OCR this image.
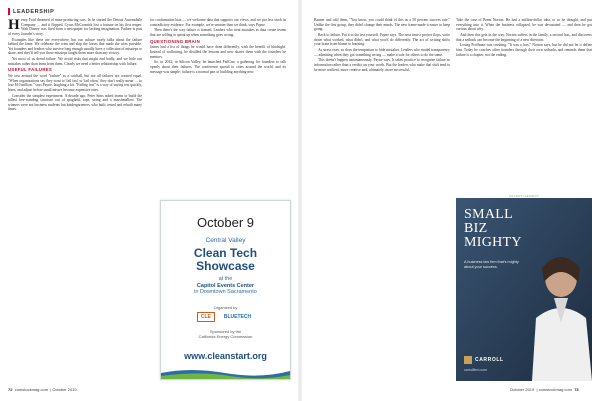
LEADERSHIP

H enry Ford dreamed of mass-producing cars. In he started the Detroit Automobile Company … and it flopped. Cyrus McCormick lost a fortune on his first reaper. Walt Disney was fired from a newspaper for lacking imagination. Failure is part of every founder's story.

Examples like these are everywhere, but our culture rarely talks about the failure behind the fame. We celebrate the wins and skip the losses that made the wins possible. Yet founders and leaders who survive long enough usually have a collection of missteps to share, and they'll tell you those missteps taught them more than any victory.

Yet most of us dread failure. We avoid risks that might end badly, and we hide our mistakes rather than learn from them. Clearly we need a better relationship with failure.

USEFUL FAILURES

We toss around the word "failure" as a catchall, but not all failures are created equal. "When organizations say they want to 'fail fast' or 'fail often,' they don't really mean … to lose $10 million," says Payne, laughing a bit. "Failing fast" is a way of saying test quickly, learn, and adjust before small misses become expensive ones.

Consider the simplest experiment. A decade ago, Peter Sims asked teams to build the tallest free-standing structure out of spaghetti, tape, string and a marshmallow. The winners were not business students but kindergarteners, who built, tested and rebuilt many times.

for confirmation bias — we welcome data that supports our views, and we put less stock in contradictory evidence. For example, we're smarter than we think, says Payne.

Then there's the way failure is framed. Leaders who treat mistakes as data create teams that are willing to speak up when something goes wrong.

QUESTIONING BRAIN

James had a list of things he would have done differently, with the benefit of hindsight. Instead of wallowing, he distilled the lessons and now shares them with the founders he mentors.

So, in 2012, in Silicon Valley, he launched FailCon, a gathering for founders to talk openly about their failures. The conference spread to cities around the world, and its message was simple: failure is a normal part of building anything new.

Banner and told them, "You know, you could think of this as a 50 percent success rate." Unlike the first group, they didn't change their minds. The new frame made it easier to keep going.

Back to failure. Put it to the test yourself, Payne says. The next time a project flops, write down what worked, what didn't, and what you'd do differently. The act of writing shifts your brain from blame to learning.

As stress rises, so does the temptation to hide mistakes. Leaders who model transparency — admitting when they got something wrong — make it safe for others to do the same.

This doesn't happen instantaneously, Payne says. It takes practice to recognize failure as information rather than a verdict on your worth. But the leaders who make that shift tend to be more resilient, more creative and, ultimately, more successful.

Take the case of Brent Norton. He had a million-dollar idea, or so he thought, and put everything into it. When the business collapsed, he was devastated — and then he got curious about why.

And then this gets in the way. Norton suffers in the family, a second loss, and discovers that a setback can become the beginning of a new direction.

Losing Proffman was crushing. "It was a loss," Norton says, but he did not let it define him. Today he coaches other founders through their own setbacks and reminds them that failure is a chapter, not the ending.

October 9
Central Valley
Clean Tech
Showcase
at the
Capitol Events Center
in Downtown Sacramento
Organized by
CLE	BLUETECH
Sponsored by the
California Energy Commission
www.cleanstart.org
ADVERTISEMENT
SMALL BIZ MIGHTY
A business law firm that's mighty about your success.
CARROLL
carrollfirm.com
72 comstockmag.com  | October 2019	October 2019  | comstockmag.com 73
